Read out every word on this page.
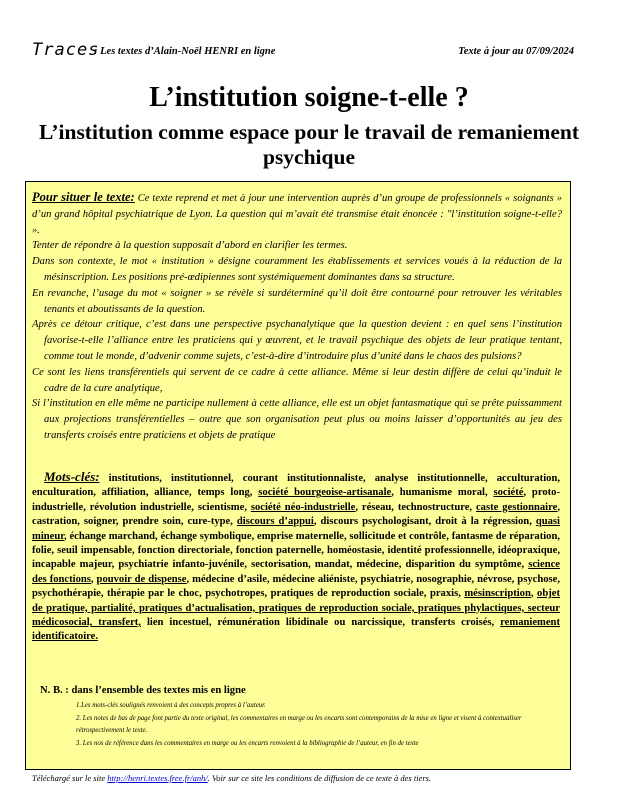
Traces
: Les textes d’Alain-Noël HENRI en ligne	Texte à jour au 07/09/2024
L’institution soigne-t-elle ?
L’institution comme espace pour le travail de remaniement psychique

Pour situer le texte: Ce texte reprend et met à jour une intervention auprès d’un groupe de professionnels « soignants » d’un grand hôpital psychiatrique de Lyon. La question qui m’avait été transmise était énoncée : "l’institution soigne-t-elle? ».

Tenter de répondre à la question supposait d’abord en clarifier les termes.

Dans son contexte, le mot « institution » désigne couramment les établissements et services voués à la réduction de la mésinscription. Les positions pré-œdipiennes sont systémiquement dominantes dans sa structure.

En revanche, l’usage du mot « soigner » se révèle si surdéterminé qu’il doit être contourné pour retrouver les véritables tenants et aboutissants de la question.

Après ce détour critique, c’est dans une perspective psychanalytique que la question devient : en quel sens l’institution favorise-t-elle l’alliance entre les praticiens qui y œuvrent, et le travail psychique des objets de leur pratique tentant, comme tout le monde, d’advenir comme sujets, c’est-à-dire d’introduire plus d’unité dans le chaos des pulsions?

Ce sont les liens transférentiels qui servent de ce cadre à cette alliance. Même si leur destin diffère de celui qu’induit le cadre de la cure analytique,

Si l’institution en elle même ne participe nullement à cette alliance, elle est un objet fantasmatique qui se prête puissamment aux projections transférentielles – outre que son organisation peut plus ou moins laisser d’opportunités au jeu des transferts croisés entre praticiens et objets de pratique

Mots-clés: institutions, institutionnel, courant institutionnaliste, analyse institutionnelle, acculturation, enculturation, affiliation, alliance, temps long, société bourgeoise-artisanale, humanisme moral, société, proto-industrielle, révolution industrielle, scientisme, société néo-industrielle, réseau, technostructure, caste gestionnaire, castration, soigner, prendre soin, cure-type, discours d’appui, discours psychologisant, droit à la régression, quasi mineur, échange marchand, échange symbolique, emprise maternelle, sollicitude et contrôle, fantasme de réparation, folie, seuil impensable, fonction directoriale, fonction paternelle, homéostasie, identité professionnelle, idéopraxique, incapable majeur, psychiatrie infanto-juvénile, sectorisation, mandat, médecine, disparition du symptôme, science des fonctions, pouvoir de dispense, médecine d’asile, médecine aliéniste, psychiatrie, nosographie, névrose, psychose, psychothérapie, thérapie par le choc, psychotropes, pratiques de reproduction sociale, praxis, mésinscription, objet de pratique, partialité, pratiques d’actualisation, pratiques de reproduction sociale, pratiques phylactiques, secteur médicosocial, transfert, lien incestuel, rémunération libidinale ou narcissique, transferts croisés, remaniement identificatoire.
N. B. : dans l’ensemble des textes mis en ligne

1.Les mots-clés soulignés renvoient à des concepts propres à l’auteur.

2. Les notes de bas de page font partie du texte original, les commentaires en marge ou les encarts sont contemporains de la mise en ligne et visent à contextualiser rétrospectivement le texte.

3. Les nos de référence dans les commentaires en marge ou les encarts renvoient à la bibliographie de l’auteur, en fin de texte

Téléchargé sur le site http://henri.textes.free.fr/anh/. Voir sur ce site les conditions de diffusion de ce texte à des tiers.
